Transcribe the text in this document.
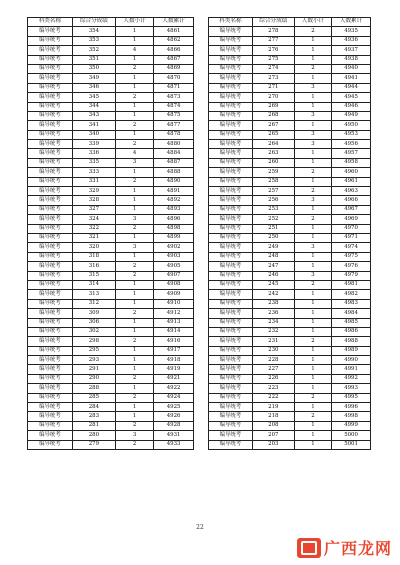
科类名称	综合分成绩	人数小计	人数累计
编导统考	354	1	4861
编导统考	353	1	4862
编导统考	352	4	4866
编导统考	351	1	4867
编导统考	350	2	4869
编导统考	349	1	4870
编导统考	346	1	4871
编导统考	345	2	4873
编导统考	344	1	4874
编导统考	343	1	4875
编导统考	341	2	4877
编导统考	340	1	4878
编导统考	339	2	4880
编导统考	336	4	4884
编导统考	335	3	4887
编导统考	333	1	4888
编导统考	331	2	4890
编导统考	329	1	4891
编导统考	328	1	4892
编导统考	327	1	4893
编导统考	324	3	4896
编导统考	322	2	4898
编导统考	321	1	4899
编导统考	320	3	4902
编导统考	318	1	4903
编导统考	316	2	4905
编导统考	315	2	4907
编导统考	314	1	4908
编导统考	313	1	4909
编导统考	312	1	4910
编导统考	309	2	4912
编导统考	306	1	4913
编导统考	302	1	4914
编导统考	298	2	4916
编导统考	295	1	4917
编导统考	293	1	4918
编导统考	291	1	4919
编导统考	290	2	4921
编导统考	288	1	4922
编导统考	285	2	4924
编导统考	284	1	4925
编导统考	283	1	4926
编导统考	281	2	4928
编导统考	280	3	4931
编导统考	279	2	4933
科类名称	综合分成绩	人数小计	人数累计
编导统考	278	2	4935
编导统考	277	1	4936
编导统考	276	1	4937
编导统考	275	1	4938
编导统考	274	2	4940
编导统考	273	1	4941
编导统考	271	3	4944
编导统考	270	1	4945
编导统考	269	1	4946
编导统考	268	3	4949
编导统考	267	1	4950
编导统考	265	3	4953
编导统考	264	3	4956
编导统考	263	1	4957
编导统考	260	1	4958
编导统考	259	2	4960
编导统考	258	1	4961
编导统考	257	2	4963
编导统考	256	3	4966
编导统考	253	1	4967
编导统考	252	2	4969
编导统考	251	1	4970
编导统考	250	1	4971
编导统考	249	3	4974
编导统考	248	1	4975
编导统考	247	1	4976
编导统考	246	3	4979
编导统考	245	2	4981
编导统考	242	1	4982
编导统考	238	1	4983
编导统考	236	1	4984
编导统考	234	1	4985
编导统考	232	1	4986
编导统考	231	2	4988
编导统考	230	1	4989
编导统考	228	1	4990
编导统考	227	1	4991
编导统考	226	1	4992
编导统考	223	1	4993
编导统考	222	2	4995
编导统考	219	1	4996
编导统考	218	2	4998
编导统考	208	1	4999
编导统考	207	1	5000
编导统考	203	1	5001
22
广西龙网
